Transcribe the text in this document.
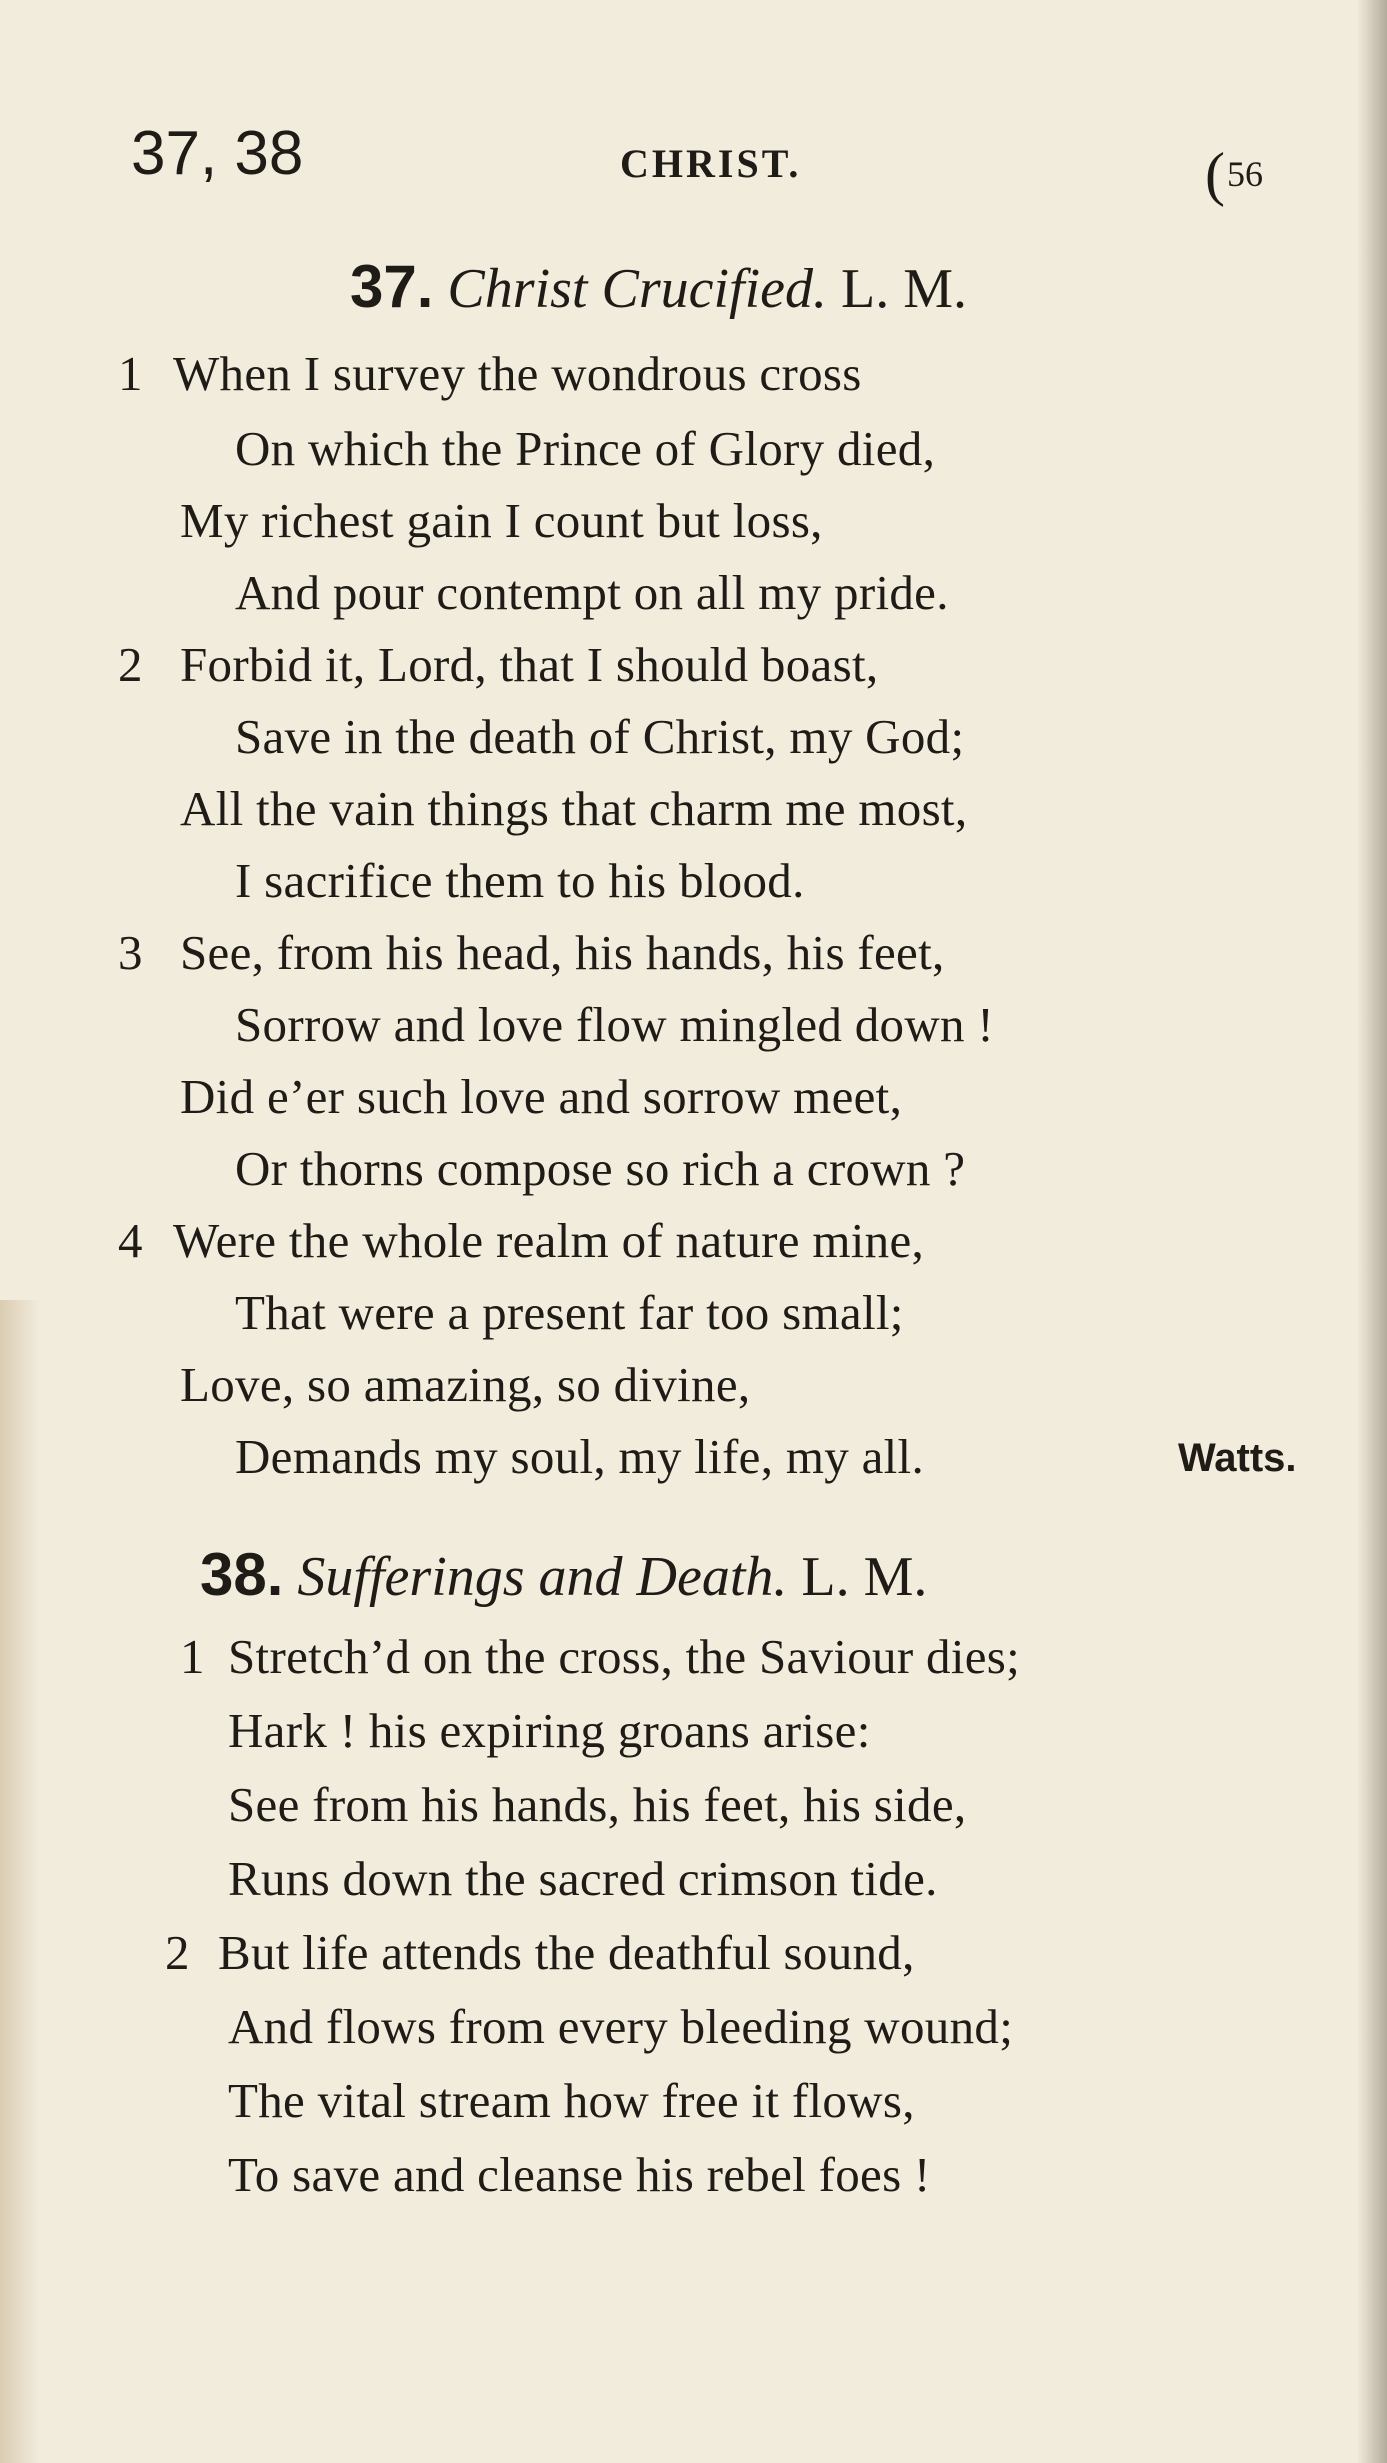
37, 38	CHRIST.
(	56
37. Christ Crucified. L. M.
1 When I survey the wondrous cross
On which the Prince of Glory died,
My richest gain I count but loss,
And pour contempt on all my pride.
2 Forbid it, Lord, that I should boast,
Save in the death of Christ, my God;
All the vain things that charm me most,
I sacrifice them to his blood.
3 See, from his head, his hands, his feet,
Sorrow and love flow mingled down !
Did e’er such love and sorrow meet,
Or thorns compose so rich a crown ?
4 Were the whole realm of nature mine,
That were a present far too small;
Love, so amazing, so divine,
Demands my soul, my life, my all.	Watts.
38. Sufferings and Death. L. M.
1 Stretch’d on the cross, the Saviour dies;
Hark ! his expiring groans arise:
See from his hands, his feet, his side,
Runs down the sacred crimson tide.
2 But life attends the deathful sound,
And flows from every bleeding wound;
The vital stream how free it flows,
To save and cleanse his rebel foes !
